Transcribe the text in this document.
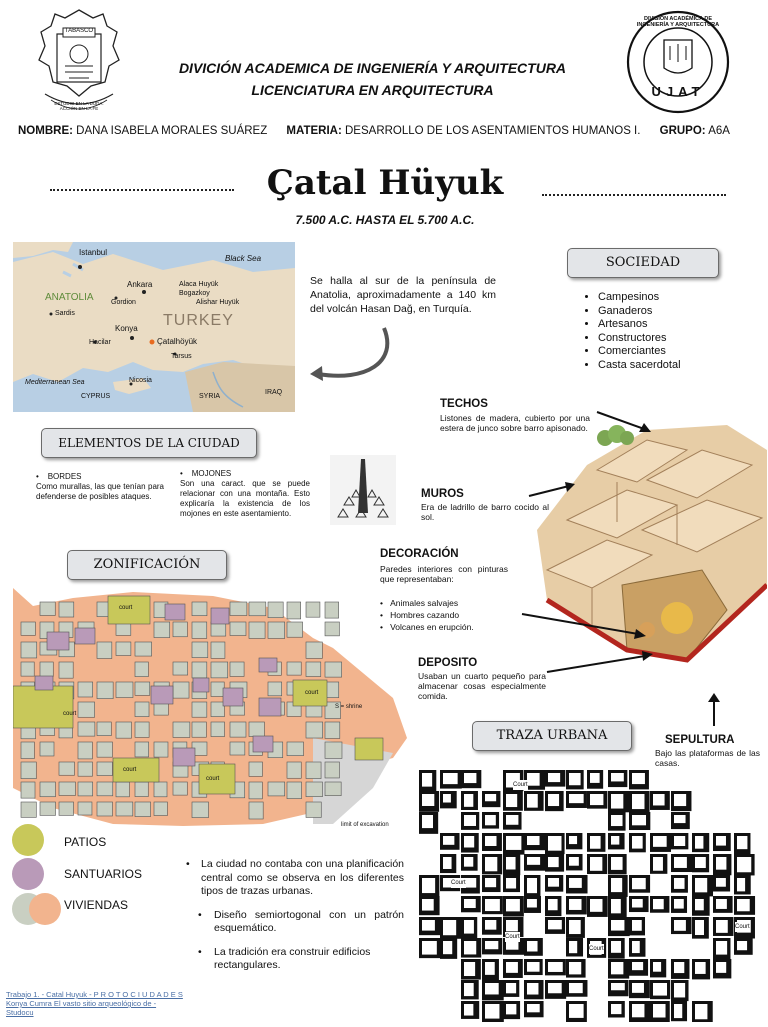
TABASCO
ESTUDIO EN LA DUDA. ACCIÓN EN LA FE
DIVISIÓN ACADÉMICA DE INGENIERÍA Y ARQUITECTURA
UJAT
DIVICIÓN ACADEMICA DE INGENIERÍA Y ARQUITECTURA
LICENCIATURA EN ARQUITECTURA
NOMBRE: DANA ISABELA MORALES SUÁREZ MATERIA: DESARROLLO DE LOS ASENTAMIENTOS HUMANOS I. GRUPO: A6A
Çatal Hüyuk
7.500 A.C. HASTA EL 5.700 A.C.
Istanbul
Black Sea
Ankara	Alaca Huyük
Bogazkoy
Alishar Huyük
Gordion
ANATOLIA
Sardis	TURKEY
Konya
Hacilar	Çatalhöyük
Tarsus
Mediterranean Sea	Nicosia
CYPRUS	SYRIA
IRAQ
Se halla al sur de la península de Anatolia, aproximadamente a 140 km del volcán Hasan Dağ, en Turquía.
SOCIEDAD
• Campesinos
• Ganaderos
• Artesanos
• Constructores
• Comerciantes
• Casta sacerdotal
ELEMENTOS DE LA CIUDAD
•    BORDES
Como murallas, las que tenían para defenderse de posibles ataques.
•    MOJONES
Son una caract. que se puede relacionar con una montaña. Esto explicaría la existencia de los mojones en este asentamiento.
TECHOS
Listones de madera, cubierto por una estera de junco sobre barro apisonado.
MUROS
Era de ladrillo de barro cocido al sol.
DECORACIÓN
Paredes interiores con pinturas que representaban:
•   Animales salvajes
•   Hombres cazando
•   Volcanes en erupción.
DEPOSITO
Usaban un cuarto pequeño para almacenar cosas especialmente comida.
SEPULTURA
Bajo las plataformas de las casas.
ZONIFICACIÓN
court
court
court
court
court
S = shrine
limit of excavation
TRAZA URBANA
Court
Court
Court
Court
Court
PATIOS
SANTUARIOS
VIVIENDAS
•	La ciudad no contaba con una planificación central como se observa en los diferentes tipos de trazas urbanas.
•	Diseño semiortogonal con un patrón esquemático.
•	La tradición era construir edificios rectangulares.
Trabajo 1. - Catal Huyuk - P R O T O C I U D A D E S
Konya Cumra El vasto sitio arqueológico de -
Studocu
